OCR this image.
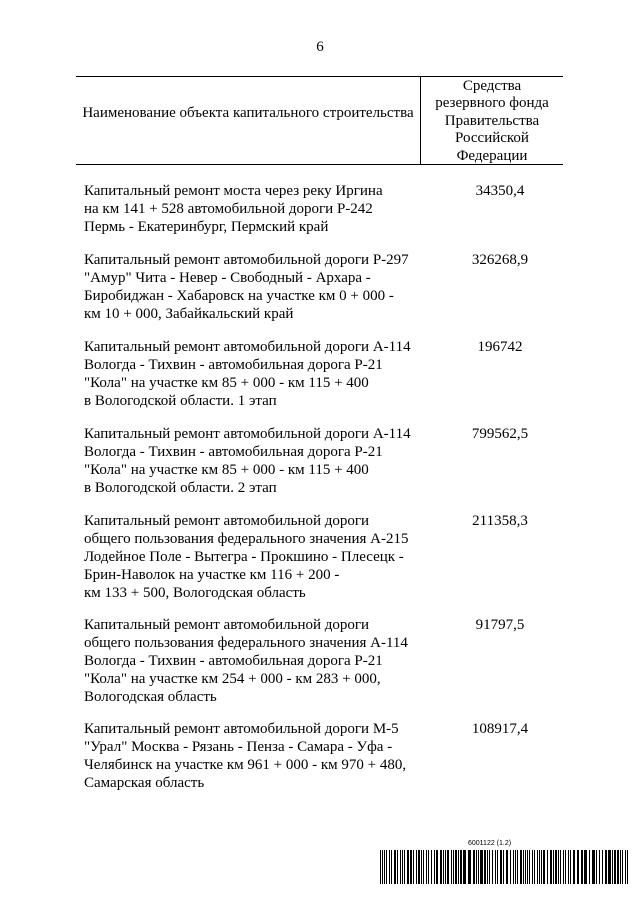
6
Наименование объекта капитального строительства
Средства
резервного фонда
Правительства
Российской
Федерации
Капитальный ремонт моста через реку Иргина
на км 141 + 528 автомобильной дороги Р-242
Пермь - Екатеринбург, Пермский край
34350,4
Капитальный ремонт автомобильной дороги Р-297
"Амур" Чита - Невер - Свободный - Архара -
Биробиджан - Хабаровск на участке км 0 + 000 -
км 10 + 000, Забайкальский край
326268,9
Капитальный ремонт автомобильной дороги А-114
Вологда - Тихвин - автомобильная дорога Р-21
"Кола" на участке км 85 + 000 - км 115 + 400
в Вологодской области. 1 этап
196742
Капитальный ремонт автомобильной дороги А-114
Вологда - Тихвин - автомобильная дорога Р-21
"Кола" на участке км 85 + 000 - км 115 + 400
в Вологодской области. 2 этап
799562,5
Капитальный ремонт автомобильной дороги
общего пользования федерального значения А-215
Лодейное Поле - Вытегра - Прокшино - Плесецк -
Брин-Наволок на участке км 116 + 200 -
км 133 + 500, Вологодская область
211358,3
Капитальный ремонт автомобильной дороги
общего пользования федерального значения А-114
Вологда - Тихвин - автомобильная дорога Р-21
"Кола" на участке км 254 + 000 - км 283 + 000,
Вологодская область
91797,5
Капитальный ремонт автомобильной дороги М-5
"Урал" Москва - Рязань - Пенза - Самара - Уфа -
Челябинск на участке км 961 + 000 - км 970 + 480,
Самарская область
108917,4
6001122 (1.2)
